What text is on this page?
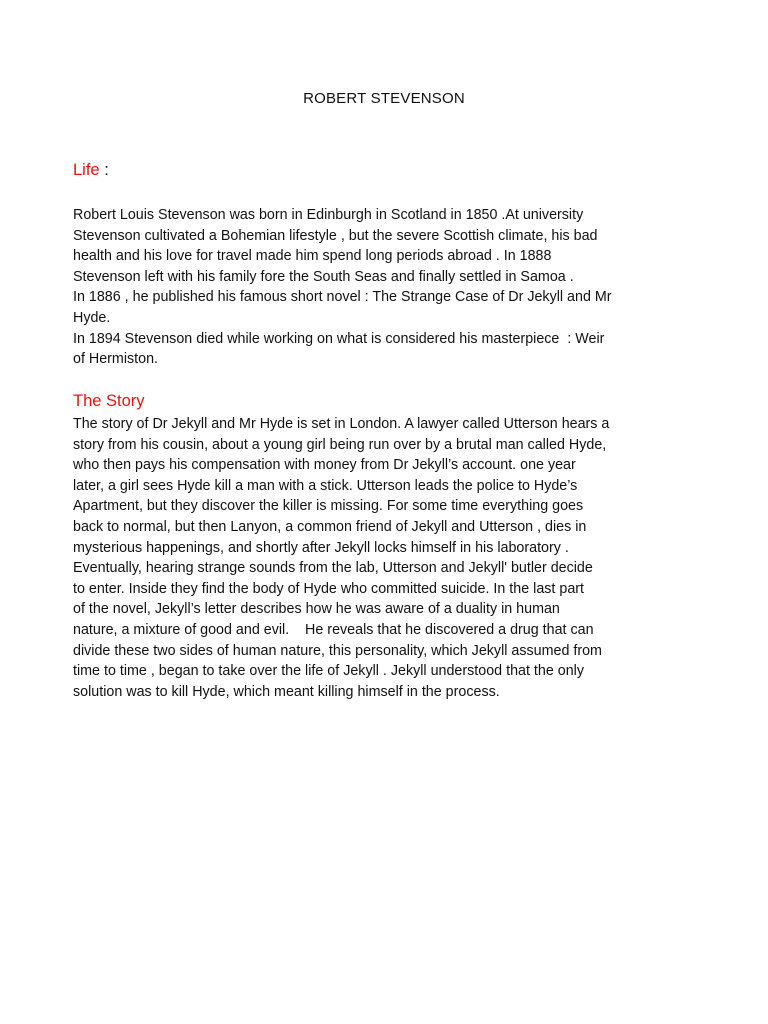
ROBERT STEVENSON
Life :
Robert Louis Stevenson was born in Edinburgh in Scotland in 1850 .At university
Stevenson cultivated a Bohemian lifestyle , but the severe Scottish climate, his bad
health and his love for travel made him spend long periods abroad . In 1888
Stevenson left with his family fore the South Seas and finally settled in Samoa .
In 1886 , he published his famous short novel : The Strange Case of Dr Jekyll and Mr
Hyde.
In 1894 Stevenson died while working on what is considered his masterpiece  : Weir
of Hermiston.
The Story
The story of Dr Jekyll and Mr Hyde is set in London. A lawyer called Utterson hears a
story from his cousin, about a young girl being run over by a brutal man called Hyde,
who then pays his compensation with money from Dr Jekyll’s account. one year
later, a girl sees Hyde kill a man with a stick. Utterson leads the police to Hyde’s
Apartment, but they discover the killer is missing. For some time everything goes
back to normal, but then Lanyon, a common friend of Jekyll and Utterson , dies in
mysterious happenings, and shortly after Jekyll locks himself in his laboratory .
Eventually, hearing strange sounds from the lab, Utterson and Jekyll' butler decide
to enter. Inside they find the body of Hyde who committed suicide. In the last part
of the novel, Jekyll’s letter describes how he was aware of a duality in human
nature, a mixture of good and evil.    He reveals that he discovered a drug that can
divide these two sides of human nature, this personality, which Jekyll assumed from
time to time , began to take over the life of Jekyll . Jekyll understood that the only
solution was to kill Hyde, which meant killing himself in the process.
